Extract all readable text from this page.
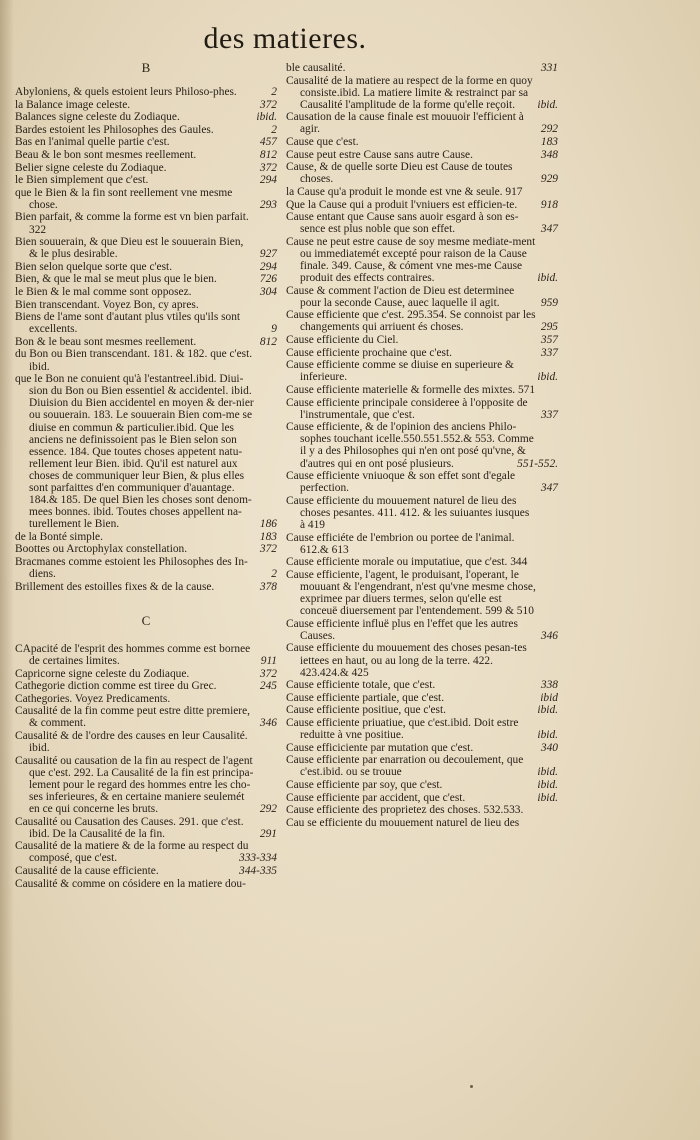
des matieres.
B
Abyloniens, & quels estoient leurs Philoso-phes.	2
la Balance image celeste.	372
Balances signe celeste du Zodiaque.	ibid.
Bardes estoient les Philosophes des Gaules.	2
Bas en l'animal quelle partie c'est.	457
Beau & le bon sont mesmes reellement.	812
Belier signe celeste du Zodiaque.	372
le Bien simplement que c'est.	294
que le Bien & la fin sont reellement vne mesme chose.	293
Bien parfait, & comme la forme est vn bien parfait. 322
Bien souuerain, & que Dieu est le souuerain Bien, & le plus desirable.	927
Bien selon quelque sorte que c'est.	294
Bien, & que le mal se meut plus que le bien.	726
le Bien & le mal comme sont opposez.	304
Bien transcendant. Voyez Bon, cy apres.
Biens de l'ame sont d'autant plus vtiles qu'ils sont excellents.	9
Bon & le beau sont mesmes reellement.	812
du Bon ou Bien transcendant. 181. & 182. que c'est. ibid.
que le Bon ne conuient qu'à l'estantreel.ibid. Diui-sion du Bon ou Bien essentiel & accidentel. ibid. Diuision du Bien accidentel en moyen & der-nier ou souuerain. 183. Le souuerain Bien com-me se diuise en commun & particulier.ibid. Que les anciens ne definissoient pas le Bien selon son essence. 184. Que toutes choses appetent natu-rellement leur Bien. ibid. Qu'il est naturel aux choses de communiquer leur Bien, & plus elles sont parfaittes d'en communiquer d'auantage. 184.& 185. De quel Bien les choses sont denom-mees bonnes. ibid. Toutes choses appellent na-turellement le Bien.	186
de la Bonté simple.	183
Boottes ou Arctophylax constellation.	372
Bracmanes comme estoient les Philosophes des In-diens.	2
Brillement des estoilles fixes & de la cause.	378
C
CApacité de l'esprit des hommes comme est bornee de certaines limites.	911
Capricorne signe celeste du Zodiaque.	372
Cathegorie diction comme est tiree du Grec.	245
Cathegories. Voyez Predicaments.
Causalité de la fin comme peut estre ditte premiere, & comment.	346
Causalité & de l'ordre des causes en leur Causalité. ibid.
Causalité ou causation de la fin au respect de l'agent que c'est. 292. La Causalité de la fin est principa-lement pour le regard des hommes entre les cho-ses inferieures, & en certaine maniere seulemét en ce qui concerne les bruts.	292
Causalité ou Causation des Causes. 291. que c'est. ibid. De la Causalité de la fin.	291
Causalité de la matiere & de la forme au respect du composé, que c'est.	333-334
Causalité de la cause efficiente.	344-335
Causalité & comme on cósidere en la matiere dou-
ble causalité.	331
Causalité de la matiere au respect de la forme en quoy consiste.ibid. La matiere limite & restrainct par sa Causalité l'amplitude de la forme qu'elle reçoit.	ibid.
Causation de la cause finale est mouuoir l'efficient à agir.	292
Cause que c'est.	183
Cause peut estre Cause sans autre Cause.	348
Cause, & de quelle sorte Dieu est Cause de toutes choses.	929
la Cause qu'a produit le monde est vne & seule. 917
Que la Cause qui a produit l'vniuers est efficien-te.	918
Cause entant que Cause sans auoir esgard à son es-sence est plus noble que son effet.	347
Cause ne peut estre cause de soy mesme mediate-ment ou immediatemét excepté pour raison de la Cause finale. 349. Cause, & cóment vne mes-me Cause produit des effects contraires.	ibid.
Cause & comment l'action de Dieu est determinee pour la seconde Cause, auec laquelle il agit.	959
Cause efficiente que c'est. 295.354. Se connoist par les changements qui arriuent és choses.	295
Cause efficiente du Ciel.	357
Cause efficiente prochaine que c'est.	337
Cause efficiente comme se diuise en superieure & inferieure.	ibid.
Cause efficiente materielle & formelle des mixtes. 571
Cause efficiente principale consideree à l'opposite de l'instrumentale, que c'est.	337
Cause efficiente, & de l'opinion des anciens Philo-sophes touchant icelle.550.551.552.& 553. Comme il y a des Philosophes qui n'en ont posé qu'vne, & d'autres qui en ont posé plusieurs.	551-552.
Cause efficiente vniuoque & son effet sont d'egale perfection.	347
Cause efficiente du mouuement naturel de lieu des choses pesantes. 411. 412. & les suiuantes iusques à 419
Cause efficiéte de l'embrion ou portee de l'animal. 612.& 613
Cause efficiente morale ou imputatiue, que c'est. 344
Cause efficiente, l'agent, le produisant, l'operant, le mouuant & l'engendrant, n'est qu'vne mesme chose, exprimee par diuers termes, selon qu'elle est conceuë diuersement par l'entendement. 599 & 510
Cause efficiente influë plus en l'effet que les autres Causes.	346
Cause efficiente du mouuement des choses pesan-tes iettees en haut, ou au long de la terre. 422. 423.424.& 425
Cause efficiente totale, que c'est.	338
Cause efficiente partiale, que c'est.	ibid
Cause efficiente positiue, que c'est.	ibid.
Cause efficiente priuatiue, que c'est.ibid. Doit estre reduitte à vne positiue.	ibid.
Cause efficiciente par mutation que c'est.	340
Cause efficiente par enarration ou decoulement, que c'est.ibid. ou se trouue	ibid.
Cause efficiente par soy, que c'est.	ibid.
Cause efficiente par accident, que c'est.	ibid.
Cause efficiente des proprietez des choses. 532.533.
Cau se efficiente du mouuement naturel de lieu des
